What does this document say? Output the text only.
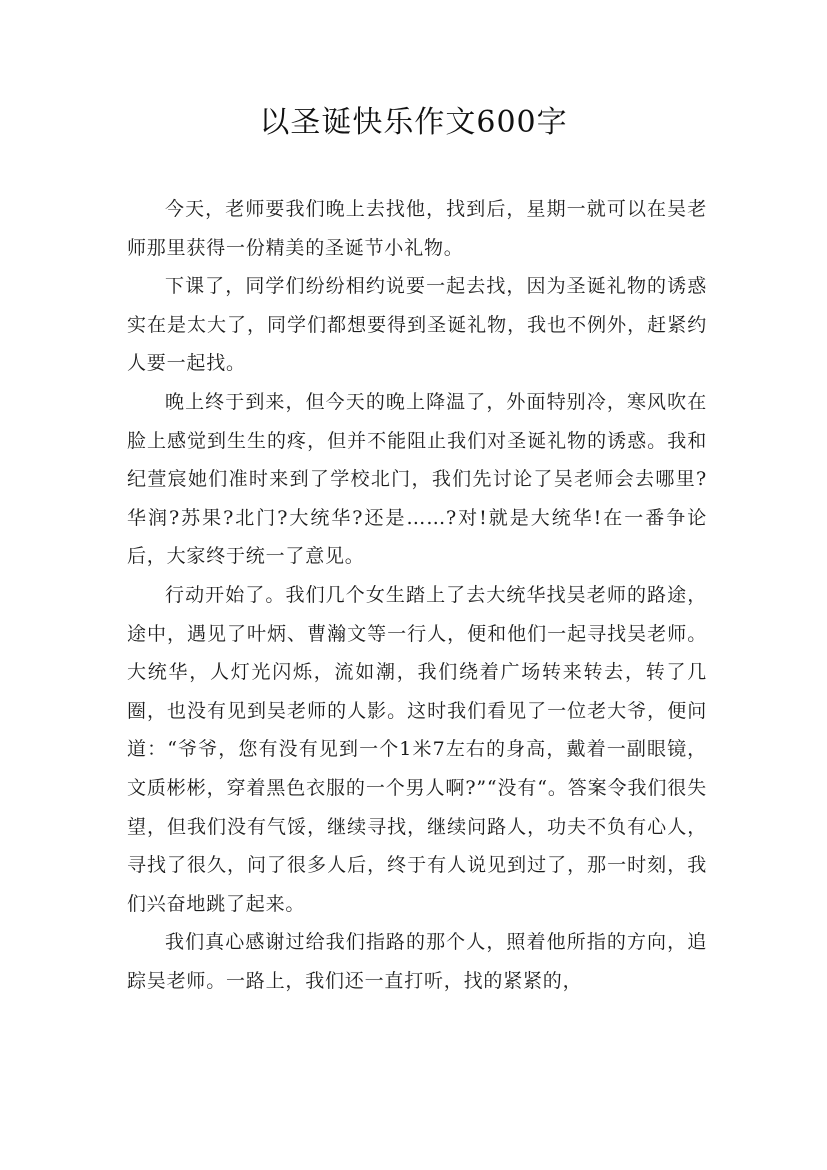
以圣诞快乐作文600字

今天，老师要我们晚上去找他，找到后，星期一就可以在吴老师那里获得一份精美的圣诞节小礼物。

下课了，同学们纷纷相约说要一起去找，因为圣诞礼物的诱惑实在是太大了，同学们都想要得到圣诞礼物，我也不例外，赶紧约人要一起找。

晚上终于到来，但今天的晚上降温了，外面特别冷，寒风吹在脸上感觉到生生的疼，但并不能阻止我们对圣诞礼物的诱惑。我和纪萱宸她们准时来到了学校北门，我们先讨论了吴老师会去哪里?华润?苏果?北门?大统华?还是……?对!就是大统华!在一番争论后，大家终于统一了意见。

行动开始了。我们几个女生踏上了去大统华找吴老师的路途，途中，遇见了叶炳、曹瀚文等一行人，便和他们一起寻找吴老师。大统华，人灯光闪烁，流如潮，我们绕着广场转来转去，转了几圈，也没有见到吴老师的人影。这时我们看见了一位老大爷，便问道：“爷爷，您有没有见到一个1米7左右的身高，戴着一副眼镜，文质彬彬，穿着黑色衣服的一个男人啊?”“没有“。答案令我们很失望，但我们没有气馁，继续寻找，继续问路人，功夫不负有心人，寻找了很久，问了很多人后，终于有人说见到过了，那一时刻，我们兴奋地跳了起来。

我们真心感谢过给我们指路的那个人，照着他所指的方向，追踪吴老师。一路上，我们还一直打听，找的紧紧的，
